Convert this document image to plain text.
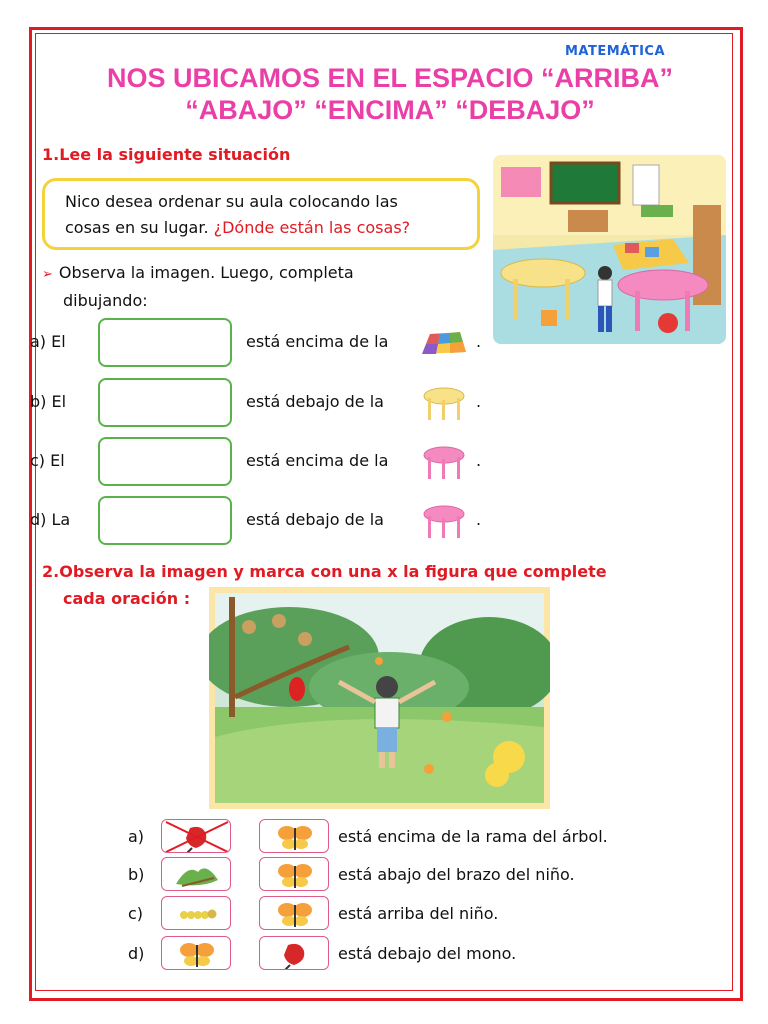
MATEMÁTICA
NOS UBICAMOS EN EL ESPACIO “ARRIBA”
“ABAJO” “ENCIMA” “DEBAJO”
1.Lee la siguiente situación
Nico desea ordenar su aula colocando las
cosas en su lugar. ¿Dónde están las cosas?
➢ Observa la imagen. Luego, completa
dibujando:
a) El	está encima de la	.
b) El	está debajo de la	.
c) El	está encima de la	.
d) La	está debajo de la	.
2.Observa la imagen y marca con una x la figura que complete
cada oración :
a)	está encima de la rama del árbol.
b)	está abajo del brazo del niño.
c)	está arriba del niño.
d)	está debajo del mono.
